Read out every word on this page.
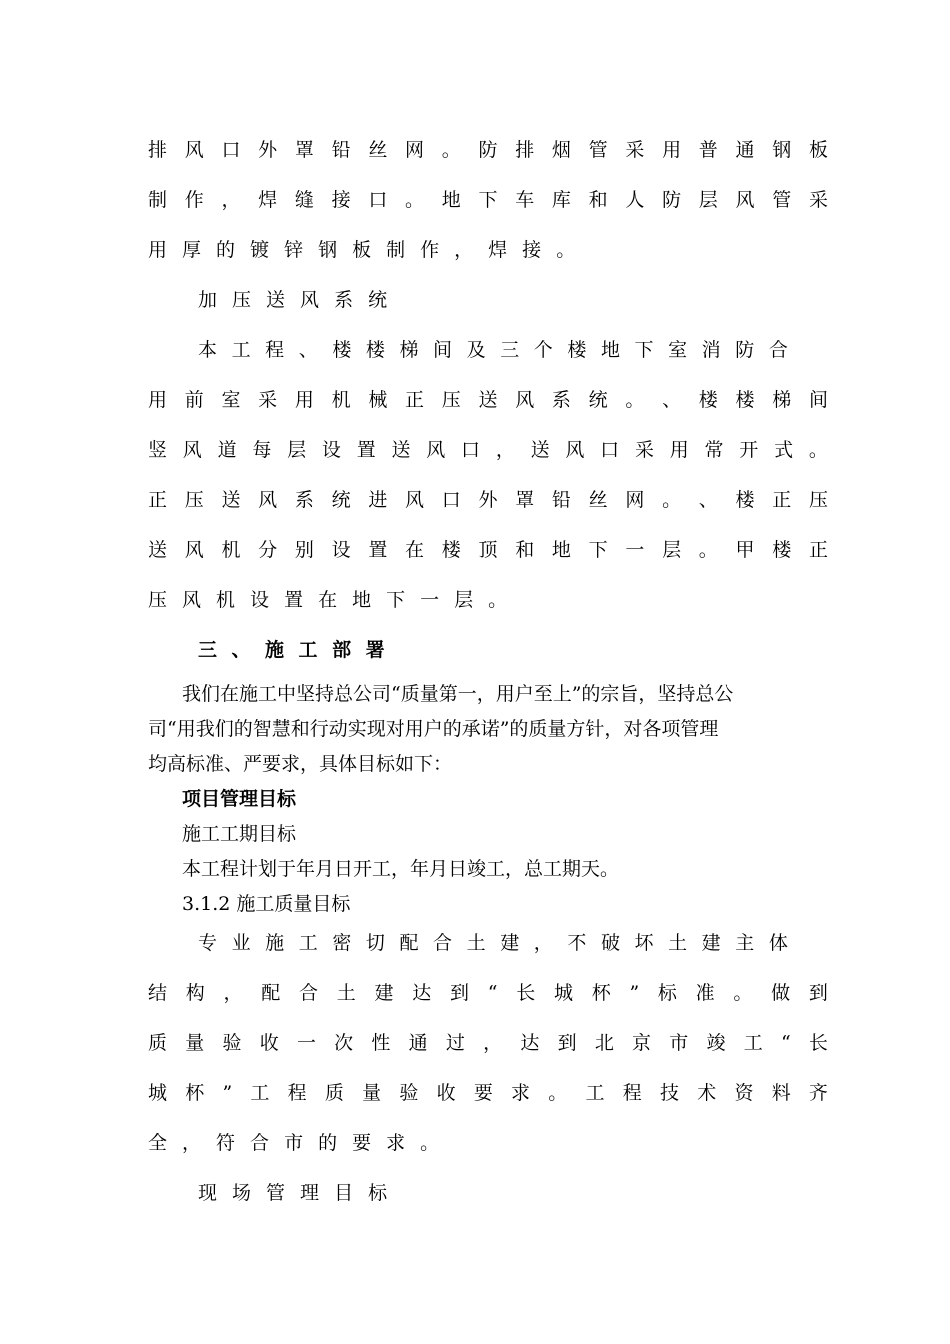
排 风 口 外 罩 铅 丝 网 。 防 排 烟 管 采 用 普 通 钢 板

制 作 ， 焊 缝 接 口 。 地 下 车 库 和 人 防 层 风 管 采

用 厚 的 镀 锌 钢 板 制 作 ， 焊 接 。

加 压 送 风 系 统

本 工 程 、 楼 楼 梯 间 及 三 个 楼 地 下 室 消 防 合

用 前 室 采 用 机 械 正 压 送 风 系 统 。 、 楼 楼 梯 间

竖 风 道 每 层 设 置 送 风 口 ， 送 风 口 采 用 常 开 式 。

正 压 送 风 系 统 进 风 口 外 罩 铅 丝 网 。 、 楼 正 压

送 风 机 分 别 设 置 在 楼 顶 和 地 下 一 层 。 甲 楼 正

压 风 机 设 置 在 地 下 一 层 。

三 、 施 工 部 署

我们在施工中坚持总公司“质量第一，用户至上”的宗旨，坚持总公

司“用我们的智慧和行动实现对用户的承诺”的质量方针，对各项管理

均高标准、严要求，具体目标如下：

项目管理目标

施工工期目标

本工程计划于年月日开工，年月日竣工，总工期天。

3.1.2 施工质量目标

专 业 施 工 密 切 配 合 土 建 ， 不 破 坏 土 建 主 体

结 构 ， 配 合 土 建 达 到 “ 长 城 杯 ” 标 准 。 做 到

质 量 验 收 一 次 性 通 过 ， 达 到 北 京 市 竣 工 “ 长

城 杯 ” 工 程 质 量 验 收 要 求 。 工 程 技 术 资 料 齐

全 ， 符 合 市 的 要 求 。

现 场 管 理 目 标
